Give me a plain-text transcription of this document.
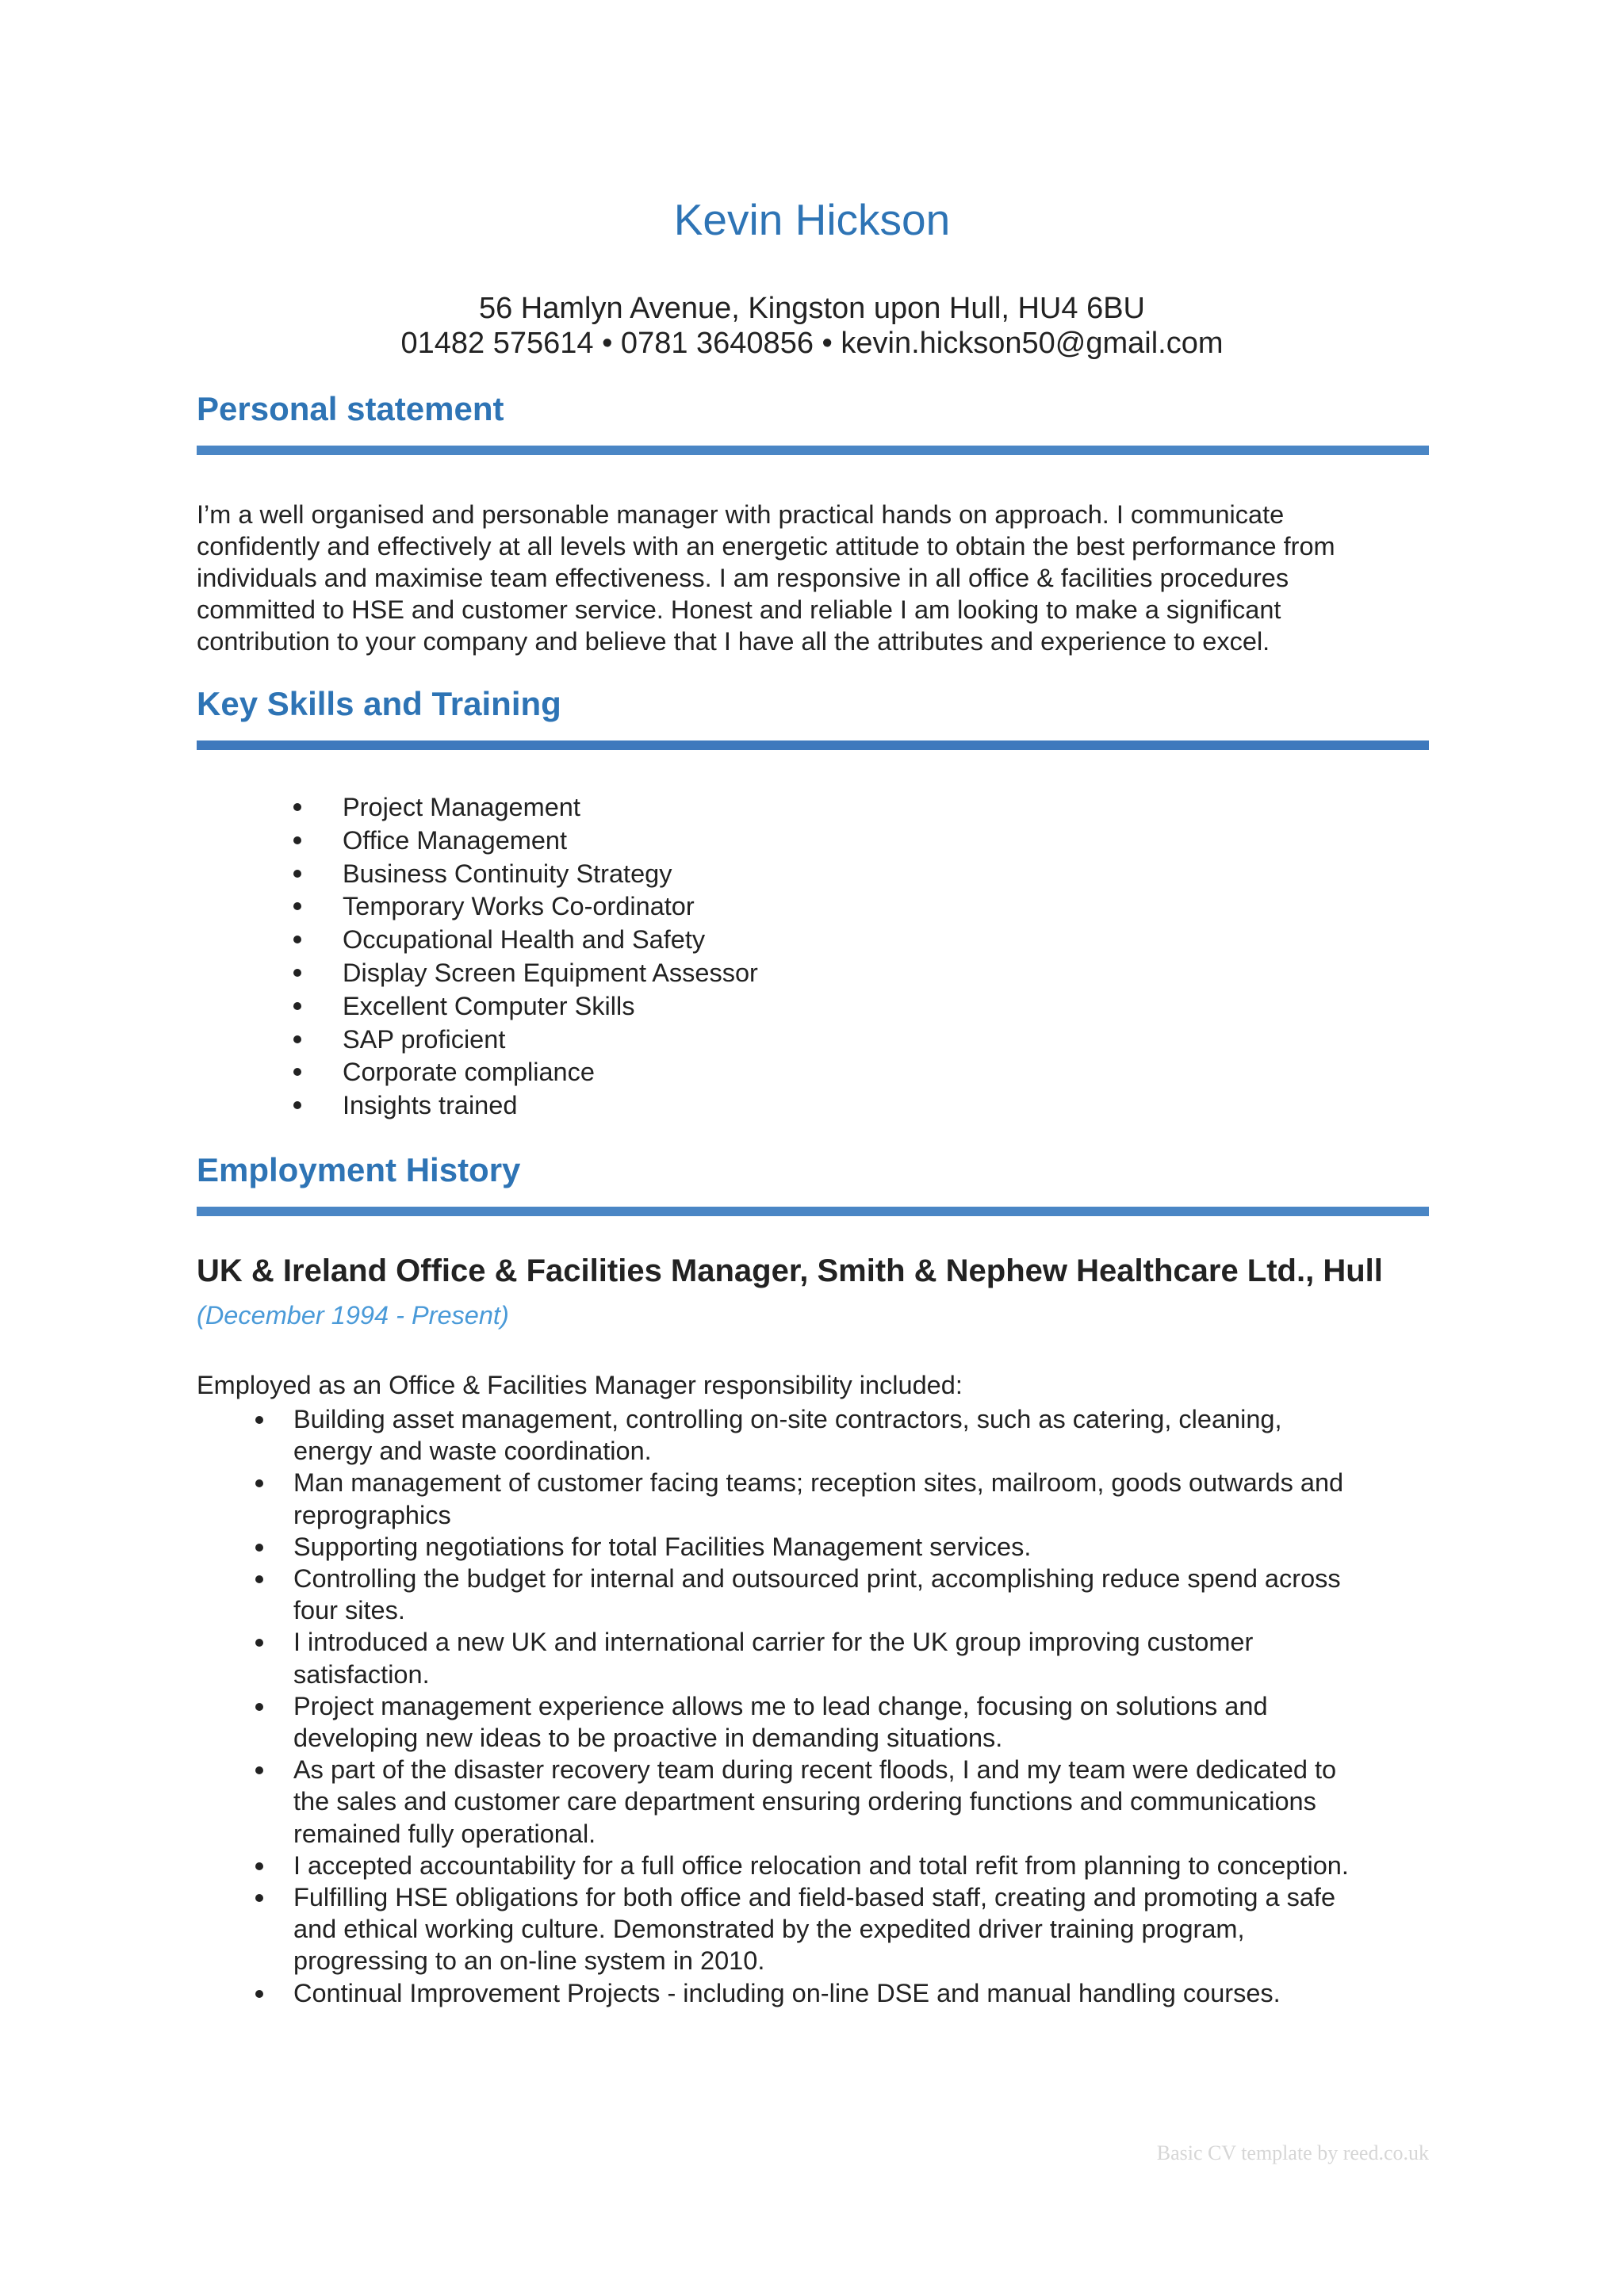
Kevin Hickson
56 Hamlyn Avenue, Kingston upon Hull, HU4 6BU
01482 575614 • 0781 3640856 • kevin.hickson50@gmail.com
Personal statement
I’m a well organised and personable manager with practical hands on approach. I communicate
confidently and effectively at all levels with an energetic attitude to obtain the best performance from
individuals and maximise team effectiveness. I am responsive in all office & facilities procedures
committed to HSE and customer service. Honest and reliable I am looking to make a significant
contribution to your company and believe that I have all the attributes and experience to excel.
Key Skills and Training
Project Management
Office Management
Business Continuity Strategy
Temporary Works Co-ordinator
Occupational Health and Safety
Display Screen Equipment Assessor
Excellent Computer Skills
SAP proficient
Corporate compliance
Insights trained
Employment History
UK & Ireland Office & Facilities Manager, Smith & Nephew Healthcare Ltd., Hull
(December 1994 - Present)
Employed as an Office & Facilities Manager responsibility included:
Building asset management, controlling on-site contractors, such as catering, cleaning,
energy and waste coordination.
Man management of customer facing teams; reception sites, mailroom, goods outwards and
reprographics
Supporting negotiations for total Facilities Management services.
Controlling the budget for internal and outsourced print, accomplishing reduce spend across
four sites.
I introduced a new UK and international carrier for the UK group improving customer
satisfaction.
Project management experience allows me to lead change, focusing on solutions and
developing new ideas to be proactive in demanding situations.
As part of the disaster recovery team during recent floods, I and my team were dedicated to
the sales and customer care department ensuring ordering functions and communications
remained fully operational.
I accepted accountability for a full office relocation and total refit from planning to conception.
Fulfilling HSE obligations for both office and field-based staff, creating and promoting a safe
and ethical working culture. Demonstrated by the expedited driver training program,
progressing to an on-line system in 2010.
Continual Improvement Projects - including on-line DSE and manual handling courses.
Basic CV template by reed.co.uk
